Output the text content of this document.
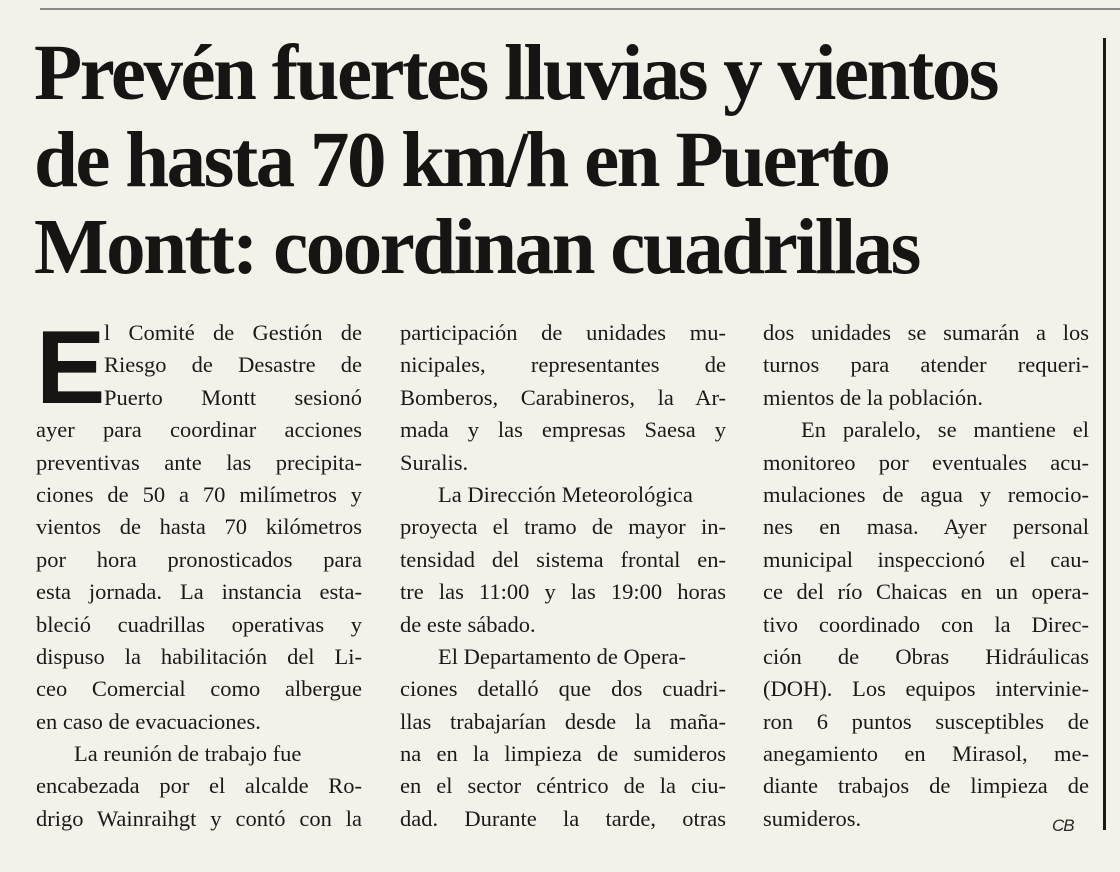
Prevén fuertes lluvias y vientos
de hasta 70 km/h en Puerto
Montt: coordinan cuadrillas
E
l Comité de Gestión de
Riesgo de Desastre de
Puerto Montt sesionó
ayer para coordinar acciones
preventivas ante las precipita-
ciones de 50 a 70 milímetros y
vientos de hasta 70 kilómetros
por hora pronosticados para
esta jornada. La instancia esta-
bleció cuadrillas operativas y
dispuso la habilitación del Li-
ceo Comercial como albergue
en caso de evacuaciones.
La reunión de trabajo fue
encabezada por el alcalde Ro-
drigo Wainraihgt y contó con la
participación de unidades mu-
nicipales, representantes de
Bomberos, Carabineros, la Ar-
mada y las empresas Saesa y
Suralis.
La Dirección Meteorológica
proyecta el tramo de mayor in-
tensidad del sistema frontal en-
tre las 11:00 y las 19:00 horas
de este sábado.
El Departamento de Opera-
ciones detalló que dos cuadri-
llas trabajarían desde la maña-
na en la limpieza de sumideros
en el sector céntrico de la ciu-
dad. Durante la tarde, otras
dos unidades se sumarán a los
turnos para atender requeri-
mientos de la población.
En paralelo, se mantiene el
monitoreo por eventuales acu-
mulaciones de agua y remocio-
nes en masa. Ayer personal
municipal inspeccionó el cau-
ce del río Chaicas en un opera-
tivo coordinado con la Direc-
ción de Obras Hidráulicas
(DOH). Los equipos intervinie-
ron 6 puntos susceptibles de
anegamiento en Mirasol, me-
diante trabajos de limpieza de
sumideros.	CB
